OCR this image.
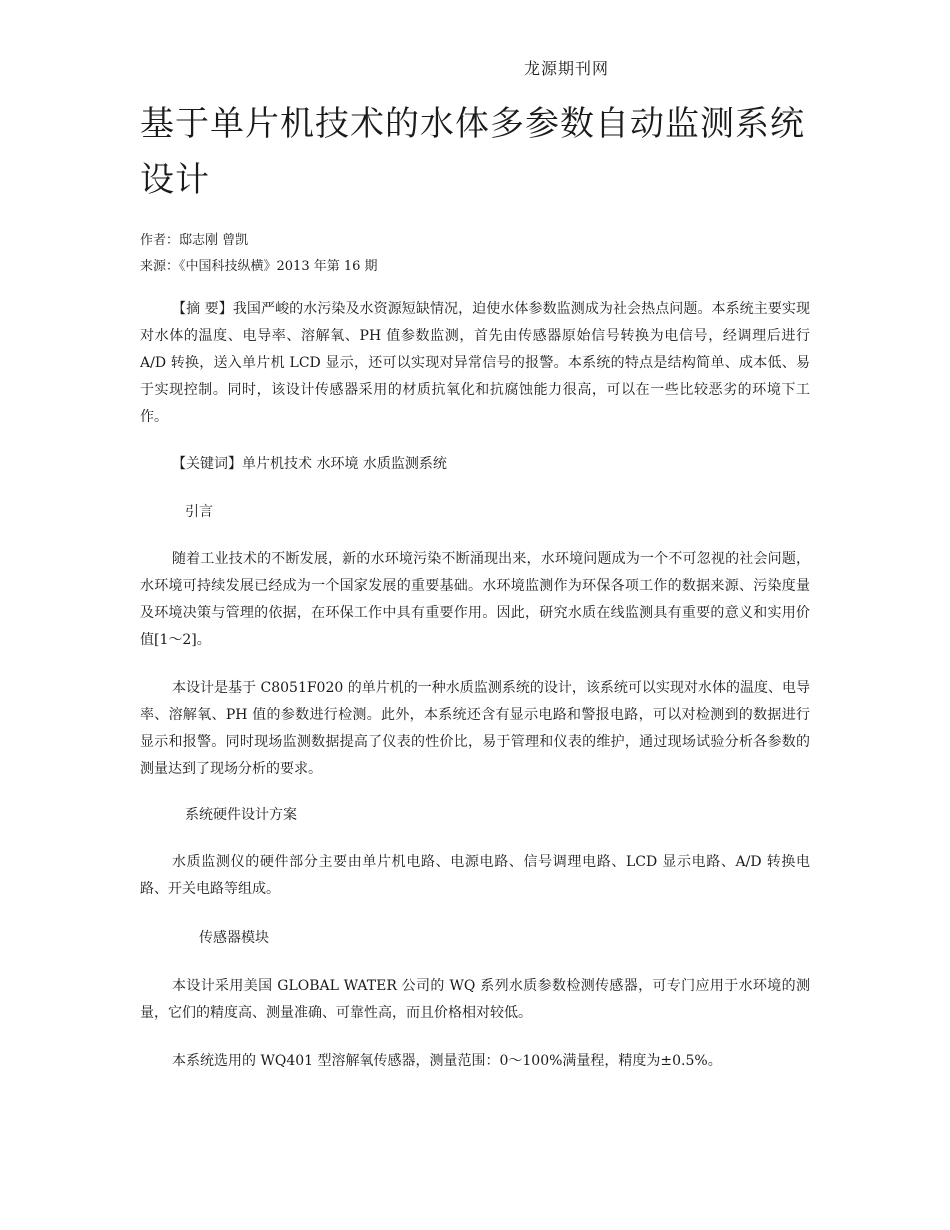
龙源期刊网
基于单片机技术的水体多参数自动监测系统设计
作者：邸志刚 曾凯
来源：《中国科技纵横》2013 年第 16 期

【摘 要】我国严峻的水污染及水资源短缺情况，迫使水体参数监测成为社会热点问题。本系统主要实现对水体的温度、电导率、溶解氧、PH 值参数监测，首先由传感器原始信号转换为电信号，经调理后进行 A/D 转换，送入单片机 LCD 显示，还可以实现对异常信号的报警。本系统的特点是结构简单、成本低、易于实现控制。同时，该设计传感器采用的材质抗氧化和抗腐蚀能力很高，可以在一些比较恶劣的环境下工作。

【关键词】单片机技术 水环境 水质监测系统

引言

随着工业技术的不断发展，新的水环境污染不断涌现出来，水环境问题成为一个不可忽视的社会问题，水环境可持续发展已经成为一个国家发展的重要基础。水环境监测作为环保各项工作的数据来源、污染度量及环境决策与管理的依据，在环保工作中具有重要作用。因此，研究水质在线监测具有重要的意义和实用价值[1～2]。

本设计是基于 C8051F020 的单片机的一种水质监测系统的设计，该系统可以实现对水体的温度、电导率、溶解氧、PH 值的参数进行检测。此外，本系统还含有显示电路和警报电路，可以对检测到的数据进行显示和报警。同时现场监测数据提高了仪表的性价比，易于管理和仪表的维护，通过现场试验分析各参数的测量达到了现场分析的要求。

系统硬件设计方案

水质监测仪的硬件部分主要由单片机电路、电源电路、信号调理电路、LCD 显示电路、A/D 转换电路、开关电路等组成。

传感器模块

本设计采用美国 GLOBAL WATER 公司的 WQ 系列水质参数检测传感器，可专门应用于水环境的测量，它们的精度高、测量准确、可靠性高，而且价格相对较低。

本系统选用的 WQ401 型溶解氧传感器，测量范围：0～100%满量程，精度为±0.5%。
